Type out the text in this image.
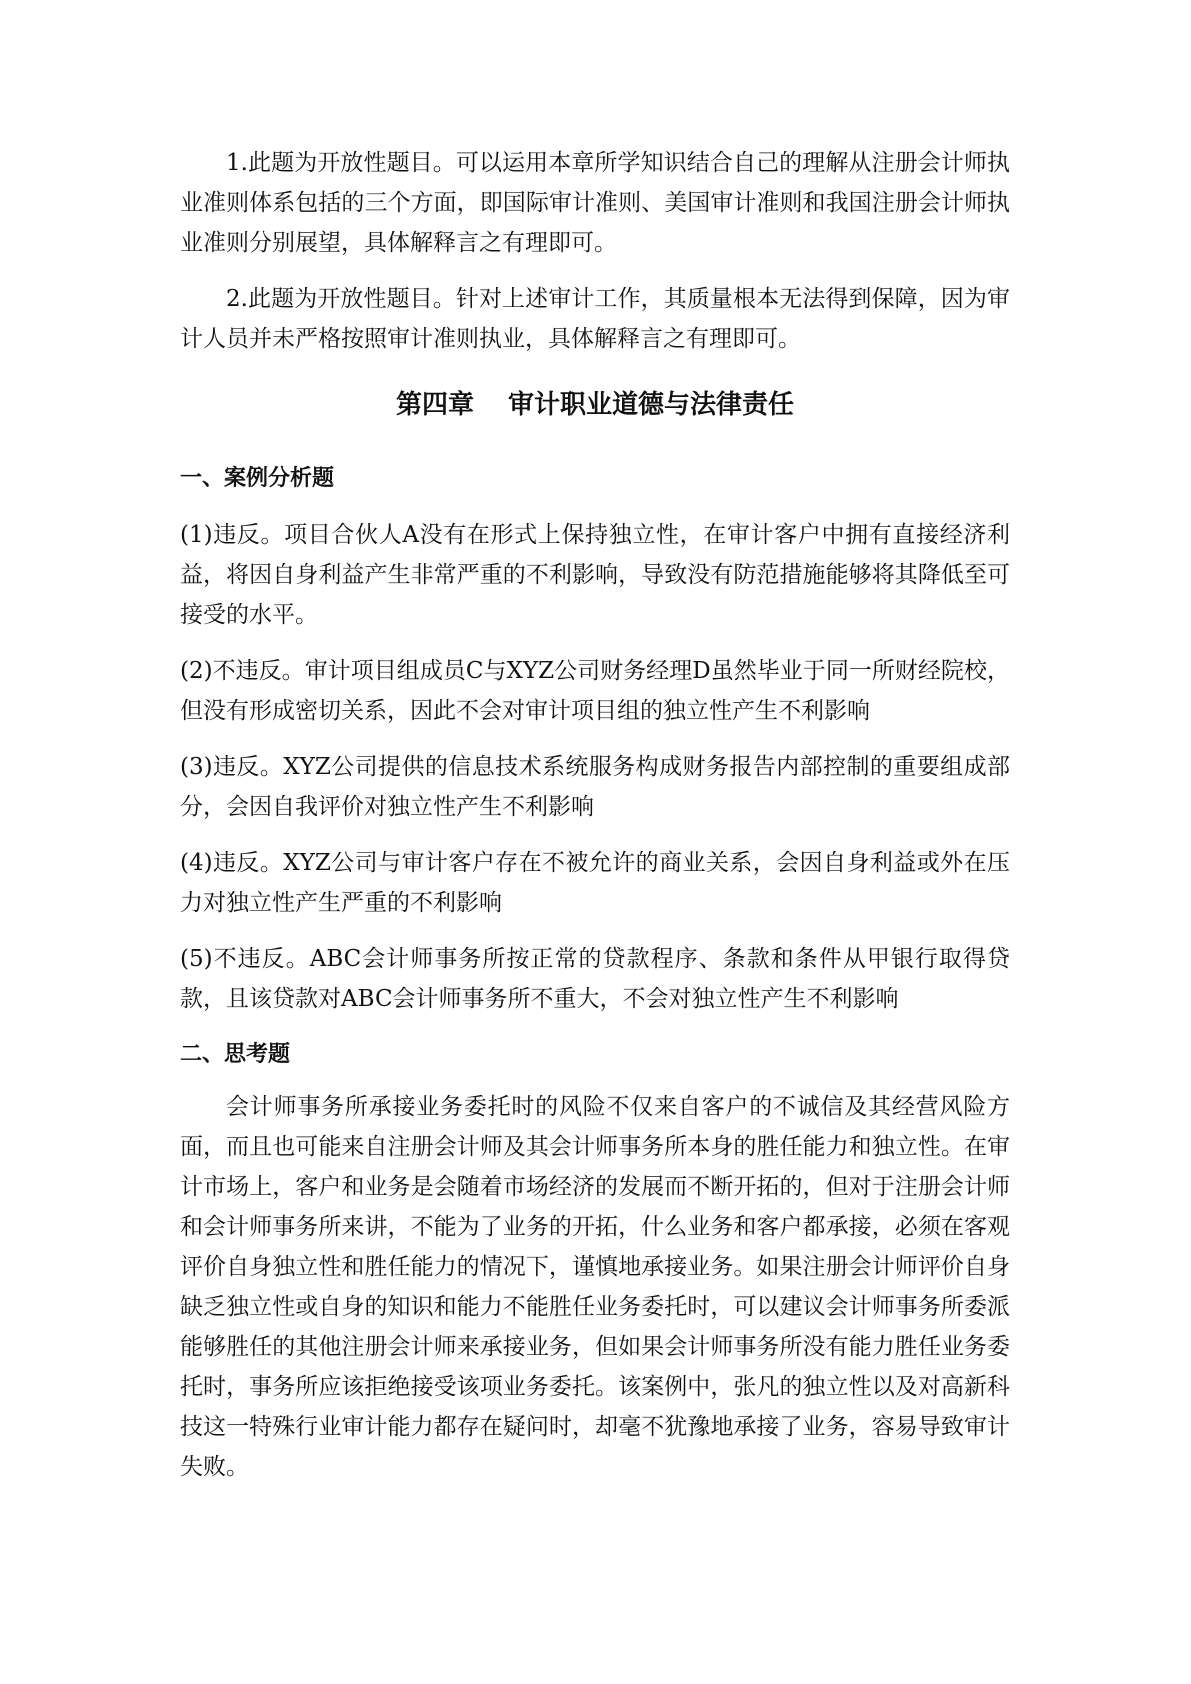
1.此题为开放性题目。可以运用本章所学知识结合自己的理解从注册会计师执业准则体系包括的三个方面，即国际审计准则、美国审计准则和我国注册会计师执业准则分别展望，具体解释言之有理即可。

2.此题为开放性题目。针对上述审计工作，其质量根本无法得到保障，因为审计人员并未严格按照审计准则执业，具体解释言之有理即可。

第四章 审计职业道德与法律责任

一、案例分析题

(1)违反。项目合伙人A没有在形式上保持独立性，在审计客户中拥有直接经济利益，将因自身利益产生非常严重的不利影响，导致没有防范措施能够将其降低至可接受的水平。

(2)不违反。审计项目组成员C与XYZ公司财务经理D虽然毕业于同一所财经院校，但没有形成密切关系，因此不会对审计项目组的独立性产生不利影响

(3)违反。XYZ公司提供的信息技术系统服务构成财务报告内部控制的重要组成部分，会因自我评价对独立性产生不利影响

(4)违反。XYZ公司与审计客户存在不被允许的商业关系，会因自身利益或外在压力对独立性产生严重的不利影响

(5)不违反。ABC会计师事务所按正常的贷款程序、条款和条件从甲银行取得贷款，且该贷款对ABC会计师事务所不重大，不会对独立性产生不利影响

二、思考题

会计师事务所承接业务委托时的风险不仅来自客户的不诚信及其经营风险方面，而且也可能来自注册会计师及其会计师事务所本身的胜任能力和独立性。在审计市场上，客户和业务是会随着市场经济的发展而不断开拓的，但对于注册会计师和会计师事务所来讲，不能为了业务的开拓，什么业务和客户都承接，必须在客观评价自身独立性和胜任能力的情况下，谨慎地承接业务。如果注册会计师评价自身缺乏独立性或自身的知识和能力不能胜任业务委托时，可以建议会计师事务所委派能够胜任的其他注册会计师来承接业务，但如果会计师事务所没有能力胜任业务委托时，事务所应该拒绝接受该项业务委托。该案例中，张凡的独立性以及对高新科技这一特殊行业审计能力都存在疑问时，却毫不犹豫地承接了业务，容易导致审计失败。
